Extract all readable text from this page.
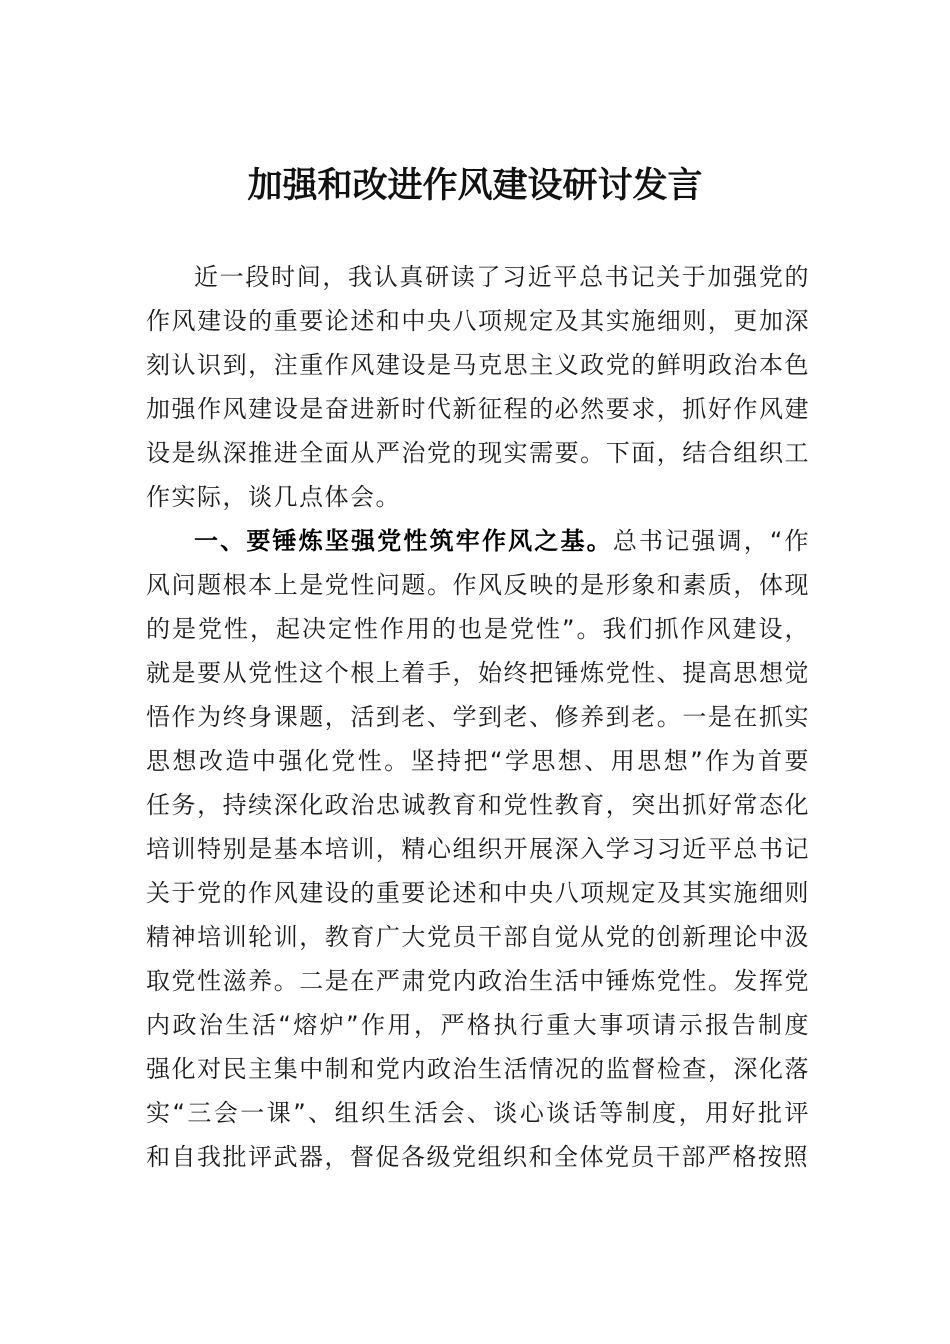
加强和改进作风建设研讨发言

近一段时间，我认真研读了习近平总书记关于加强党的作风建设的重要论述和中央八项规定及其实施细则，更加深刻认识到，注重作风建设是马克思主义政党的鲜明政治本色加强作风建设是奋进新时代新征程的必然要求，抓好作风建设是纵深推进全面从严治党的现实需要。下面，结合组织工作实际，谈几点体会。

一、要锤炼坚强党性筑牢作风之基。总书记强调，“作风问题根本上是党性问题。作风反映的是形象和素质，体现的是党性，起决定性作用的也是党性”。我们抓作风建设，就是要从党性这个根上着手，始终把锤炼党性、提高思想觉悟作为终身课题，活到老、学到老、修养到老。一是在抓实思想改造中强化党性。坚持把“学思想、用思想”作为首要任务，持续深化政治忠诚教育和党性教育，突出抓好常态化培训特别是基本培训，精心组织开展深入学习习近平总书记关于党的作风建设的重要论述和中央八项规定及其实施细则精神培训轮训，教育广大党员干部自觉从党的创新理论中汲取党性滋养。二是在严肃党内政治生活中锤炼党性。发挥党内政治生活“熔炉”作用，严格执行重大事项请示报告制度强化对民主集中制和党内政治生活情况的监督检查，深化落实“三会一课”、组织生活会、谈心谈话等制度，用好批评和自我批评武器，督促各级党组织和全体党员干部严格按照
